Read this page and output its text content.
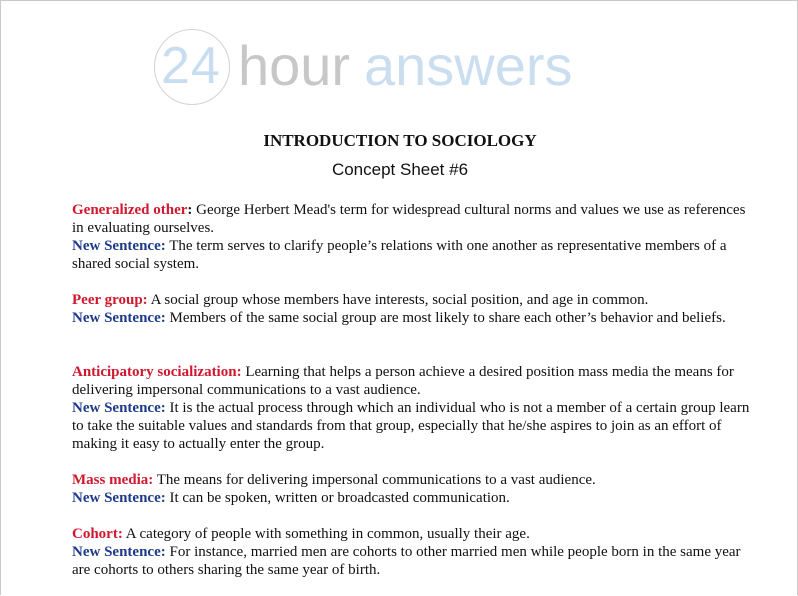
24 hour answers
INTRODUCTION TO SOCIOLOGY
Concept Sheet #6
Generalized other: George Herbert Mead's term for widespread cultural norms and values we use as references in evaluating ourselves.
New Sentence: The term serves to clarify people’s relations with one another as representative members of a shared social system.
Peer group: A social group whose members have interests, social position, and age in common.
New Sentence: Members of the same social group are most likely to share each other’s behavior and beliefs.
Anticipatory socialization: Learning that helps a person achieve a desired position mass media the means for delivering impersonal communications to a vast audience.
New Sentence: It is the actual process through which an individual who is not a member of a certain group learn to take the suitable values and standards from that group, especially that he/she aspires to join as an effort of making it easy to actually enter the group.
Mass media: The means for delivering impersonal communications to a vast audience.
New Sentence: It can be spoken, written or broadcasted communication.
Cohort: A category of people with something in common, usually their age.
New Sentence: For instance, married men are cohorts to other married men while people born in the same year are cohorts to others sharing the same year of birth.
